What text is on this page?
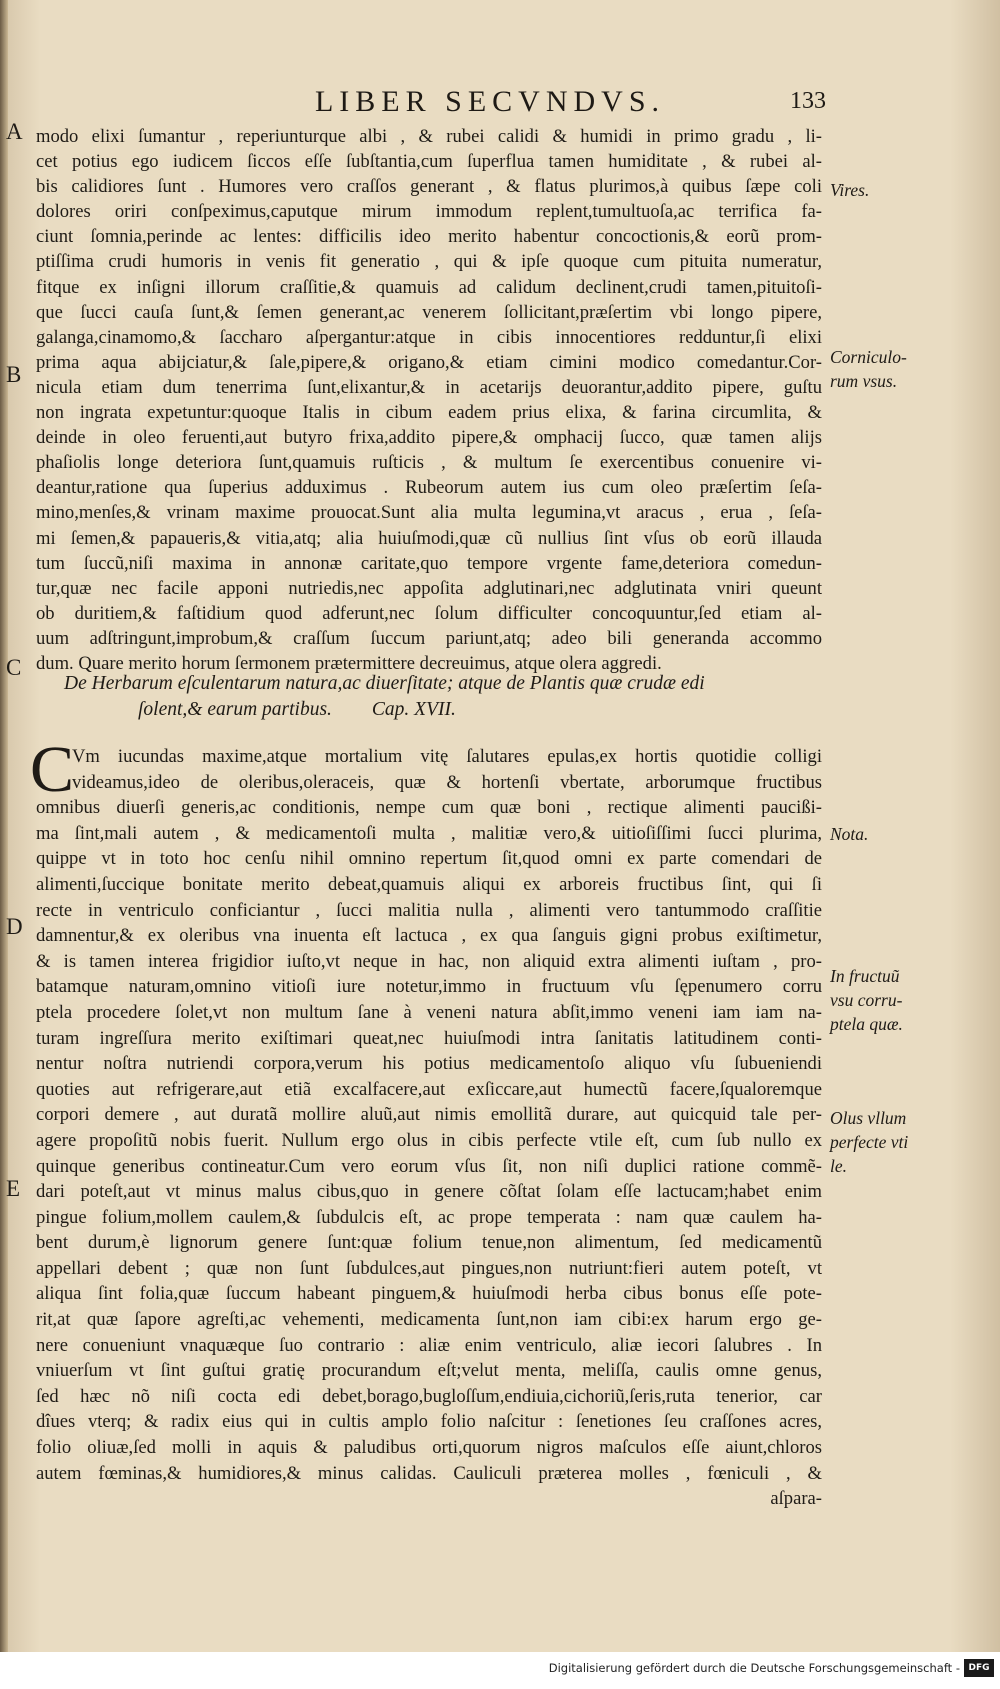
LIBER SECVNDVS.	133
A
B
C
D
E
modo elixi ſumantur , reperiunturque albi , & rubei calidi & humidi in primo gradu , li-
cet potius ego iudicem ſiccos eſſe ſubſtantia,cum ſuperflua tamen humiditate , & rubei al-
bis calidiores ſunt . Humores vero craſſos generant , & flatus plurimos,à quibus ſæpe coli
dolores oriri conſpeximus,caputque mirum immodum replent,tumultuoſa,ac terrifica fa-
ciunt ſomnia,perinde ac lentes: difficilis ideo merito habentur concoctionis,& eorũ prom-
ptiſſima crudi humoris in venis fit generatio , qui & ipſe quoque cum pituita numeratur,
fitque ex inſigni illorum craſſitie,& quamuis ad calidum declinent,crudi tamen,pituitoſi-
que ſucci cauſa ſunt,& ſemen generant,ac venerem ſollicitant,præſertim vbi longo pipere,
galanga,cinamomo,& ſaccharo aſpergantur:atque in cibis innocentiores redduntur,ſi elixi
prima aqua abijciatur,& ſale,pipere,& origano,& etiam cimini modico comedantur.Cor-
nicula etiam dum tenerrima ſunt,elixantur,& in acetarijs deuorantur,addito pipere, guſtu
non ingrata expetuntur:quoque Italis in cibum eadem prius elixa, & farina circumlita, &
deinde in oleo feruenti,aut butyro frixa,addito pipere,& omphacij ſucco, quæ tamen alijs
phaſiolis longe deteriora ſunt,quamuis ruſticis , & multum ſe exercentibus conuenire vi-
deantur,ratione qua ſuperius adduximus . Rubeorum autem ius cum oleo præſertim ſeſa-
mino,menſes,& vrinam maxime prouocat.Sunt alia multa legumina,vt aracus , erua , ſeſa-
mi ſemen,& papaueris,& vitia,atq; alia huiuſmodi,quæ cũ nullius ſint vſus ob eorũ illauda
tum ſuccũ,niſi maxima in annonæ caritate,quo tempore vrgente fame,deteriora comedun-
tur,quæ nec facile apponi nutriedis,nec appoſita adglutinari,nec adglutinata vniri queunt
ob duritiem,& faſtidium quod adferunt,nec ſolum difficulter concoquuntur,ſed etiam al-
uum adſtringunt,improbum,& craſſum ſuccum pariunt,atq; adeo bili generanda accommo
dum. Quare merito horum ſermonem prætermittere decreuimus, atque olera aggredi.
De Herbarum eſculentarum natura,ac diuerſitate; atque de Plantis quæ crudæ edi
ſolent,& earum partibus. Cap. XVII.
C
Vm iucundas maxime,atque mortalium vitę ſalutares epulas,ex hortis quotidie colligi
videamus,ideo de oleribus,oleraceis, quæ & hortenſi vbertate, arborumque fructibus
omnibus diuerſi generis,ac conditionis, nempe cum quæ boni , rectique alimenti paucißi-
ma ſint,mali autem , & medicamentoſi multa , malitiæ vero,& uitioſiſſimi ſucci plurima,
quippe vt in toto hoc cenſu nihil omnino repertum ſit,quod omni ex parte comendari de
alimenti,ſuccique bonitate merito debeat,quamuis aliqui ex arboreis fructibus ſint, qui ſi
recte in ventriculo conficiantur , ſucci malitia nulla , alimenti vero tantummodo craſſitie
damnentur,& ex oleribus vna inuenta eſt lactuca , ex qua ſanguis gigni probus exiſtimetur,
& is tamen interea frigidior iuſto,vt neque in hac, non aliquid extra alimenti iuſtam , pro-
batamque naturam,omnino vitioſi iure notetur,immo in fructuum vſu ſępenumero corru
ptela procedere ſolet,vt non multum ſane à veneni natura abſit,immo veneni iam iam na-
turam ingreſſura merito exiſtimari queat,nec huiuſmodi intra ſanitatis latitudinem conti-
nentur noſtra nutriendi corpora,verum his potius medicamentoſo aliquo vſu ſubueniendi
quoties aut refrigerare,aut etiã excalfacere,aut exſiccare,aut humectũ facere,ſqualoremque
corpori demere , aut duratã mollire aluũ,aut nimis emollitã durare, aut quicquid tale per-
agere propoſitũ nobis fuerit. Nullum ergo olus in cibis perfecte vtile eſt, cum ſub nullo ex
quinque generibus contineatur.Cum vero eorum vſus ſit, non niſi duplici ratione commẽ-
dari poteſt,aut vt minus malus cibus,quo in genere cõſtat ſolam eſſe lactucam;habet enim
pingue folium,mollem caulem,& ſubdulcis eſt, ac prope temperata : nam quæ caulem ha-
bent durum,è lignorum genere ſunt:quæ folium tenue,non alimentum, ſed medicamentũ
appellari debent ; quæ non ſunt ſubdulces,aut pingues,non nutriunt:fieri autem poteſt, vt
aliqua ſint folia,quæ ſuccum habeant pinguem,& huiuſmodi herba cibus bonus eſſe pote-
rit,at quæ ſapore agreſti,ac vehementi, medicamenta ſunt,non iam cibi:ex harum ergo ge-
nere conueniunt vnaquæque ſuo contrario : aliæ enim ventriculo, aliæ iecori ſalubres . In
vniuerſum vt ſint guſtui gratię procurandum eſt;velut menta, meliſſa, caulis omne genus,
ſed hæc nõ niſi cocta edi debet,borago,bugloſſum,endiuia,cichoriũ,ſeris,ruta tenerior, car
dîues vterq; & radix eius qui in cultis amplo folio naſcitur : ſenetiones ſeu craſſones acres,
folio oliuæ,ſed molli in aquis & paludibus orti,quorum nigros maſculos eſſe aiunt,chloros
autem fœminas,& humidiores,& minus calidas. Cauliculi præterea molles , fœniculi , &
aſpara-
Vires.
Corniculo-
rum vsus.
Nota.
In fructuũ
vsu corru-
ptela quæ.
Olus vllum
perfecte vti
le.
Digitalisierung gefördert durch die Deutsche Forschungsgemeinschaft - DFG
